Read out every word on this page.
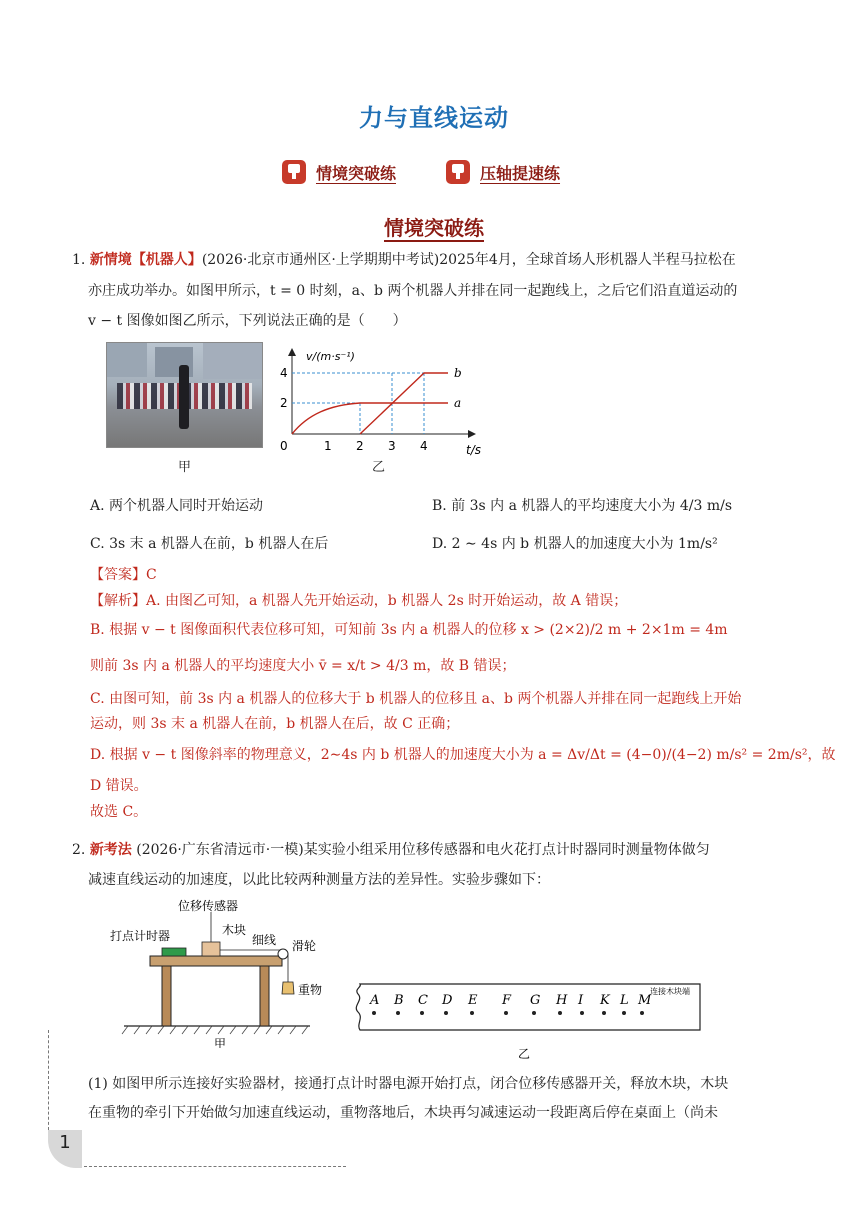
力与直线运动
情境突破练	压轴提速练
情境突破练
1. 新情境【机器人】(2026·北京市通州区·上学期期中考试)2025年4月，全球首场人形机器人半程马拉松在
亦庄成功举办。如图甲所示，t = 0 时刻，a、b 两个机器人并排在同一起跑线上，之后它们沿直道运动的
v − t 图像如图乙所示，下列说法正确的是（　　）
甲
v/(m·s⁻¹)
t/s
0	1 2 3 4
2
4
a
b
乙
A. 两个机器人同时开始运动	B. 前 3s 内 a 机器人的平均速度大小为 4/3 m/s
C. 3s 末 a 机器人在前，b 机器人在后	D. 2 ∼ 4s 内 b 机器人的加速度大小为 1m/s²
【答案】C
【解析】A. 由图乙可知，a 机器人先开始运动，b 机器人 2s 时开始运动，故 A 错误；
B. 根据 v − t 图像面积代表位移可知，可知前 3s 内 a 机器人的位移 x > (2×2)/2 m + 2×1m = 4m
则前 3s 内 a 机器人的平均速度大小 v̄ = x/t > 4/3 m，故 B 错误；
C. 由图可知，前 3s 内 a 机器人的位移大于 b 机器人的位移且 a、b 两个机器人并排在同一起跑线上开始
运动，则 3s 末 a 机器人在前，b 机器人在后，故 C 正确；
D. 根据 v − t 图像斜率的物理意义，2∼4s 内 b 机器人的加速度大小为 a = Δv/Δt = (4−0)/(4−2) m/s² = 2m/s²，故
D 错误。
故选 C。
2. 新考法 (2026·广东省清远市·一模)某实验小组采用位移传感器和电火花打点计时器同时测量物体做匀
减速直线运动的加速度，以此比较两种测量方法的差异性。实验步骤如下：
位移传感器
打点计时器	木块
细线 滑轮
重物
甲
A B C D E F G H I K L M
连接木块端
乙
(1) 如图甲所示连接好实验器材，接通打点计时器电源开始打点，闭合位移传感器开关，释放木块，木块
在重物的牵引下开始做匀加速直线运动，重物落地后，木块再匀减速运动一段距离后停在桌面上（尚未
1
